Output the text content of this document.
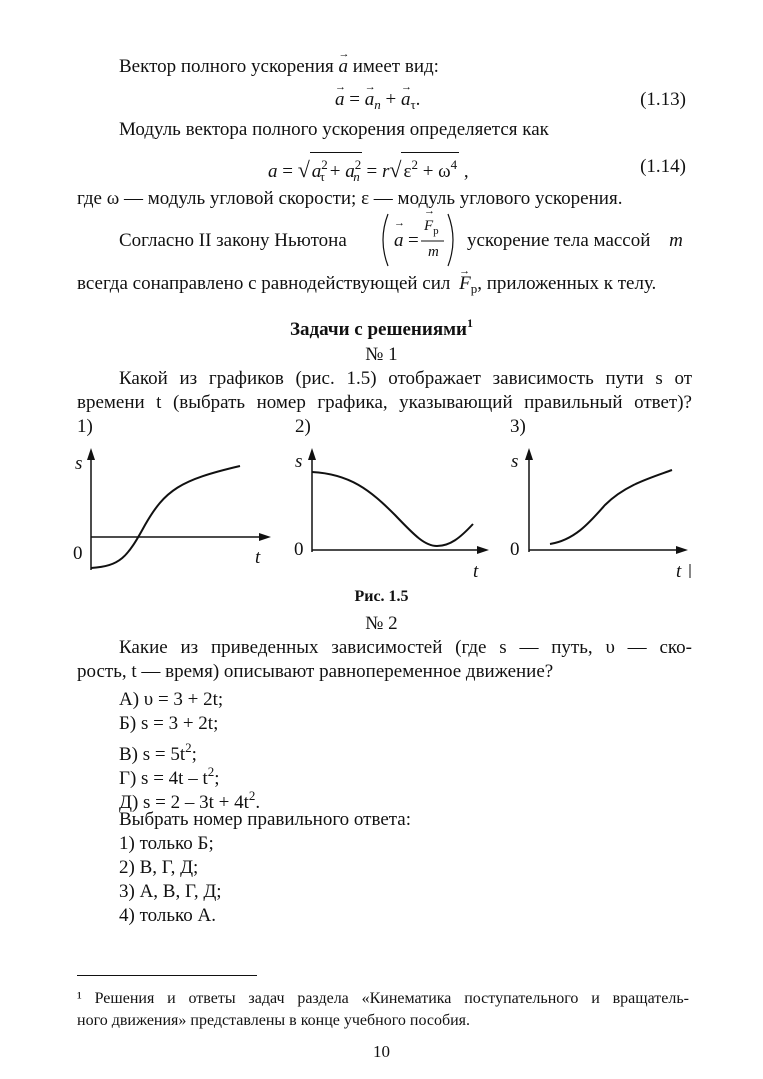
Вектор полного ускорения → a имеет вид:
→ a = → $a_n$ + → $a_\tau$.	(1.13)
Модуль вектора полного ускорения определяется как
a = √ $a^2_\tau + a^2_n = r√$ $\varepsilon^2 + \omega^4$ ,	(1.14)
где ω — модуль угловой скорости; ε — модуль углового ускорения.
Согласно II закону Ньютона → a =
→ $F_р$
m
ускорение тела массой m
всегда сонаправлено с равнодействующей сил → $F_р$, приложенных к телу.
Задачи с решениями$^1$
№ 1
Какой из графиков (рис. 1.5) отображает зависимость пути s от
времени t (выбрать номер графика, указывающий правильный ответ)?
1)	2)	3)
s
0	t
s
0
t
s
0
t
Рис. 1.5
№ 2
Какие из приведенных зависимостей (где s — путь, υ — ско-
рость, t — время) описывают равнопеременное движение?
А) υ = 3 + 2t;
Б) s = 3 + 2t;
В) $s = 5t^2$;
Г) $s = 4t - t^2$;
Д) $s = 2 - 3t + 4t^2$.
Выбрать номер правильного ответа:
1) только Б;
2) В, Г, Д;
3) А, В, Г, Д;
4) только А.
¹ Решения и ответы задач раздела «Кинематика поступательного и вращатель-
ного движения» представлены в конце учебного пособия.
10
